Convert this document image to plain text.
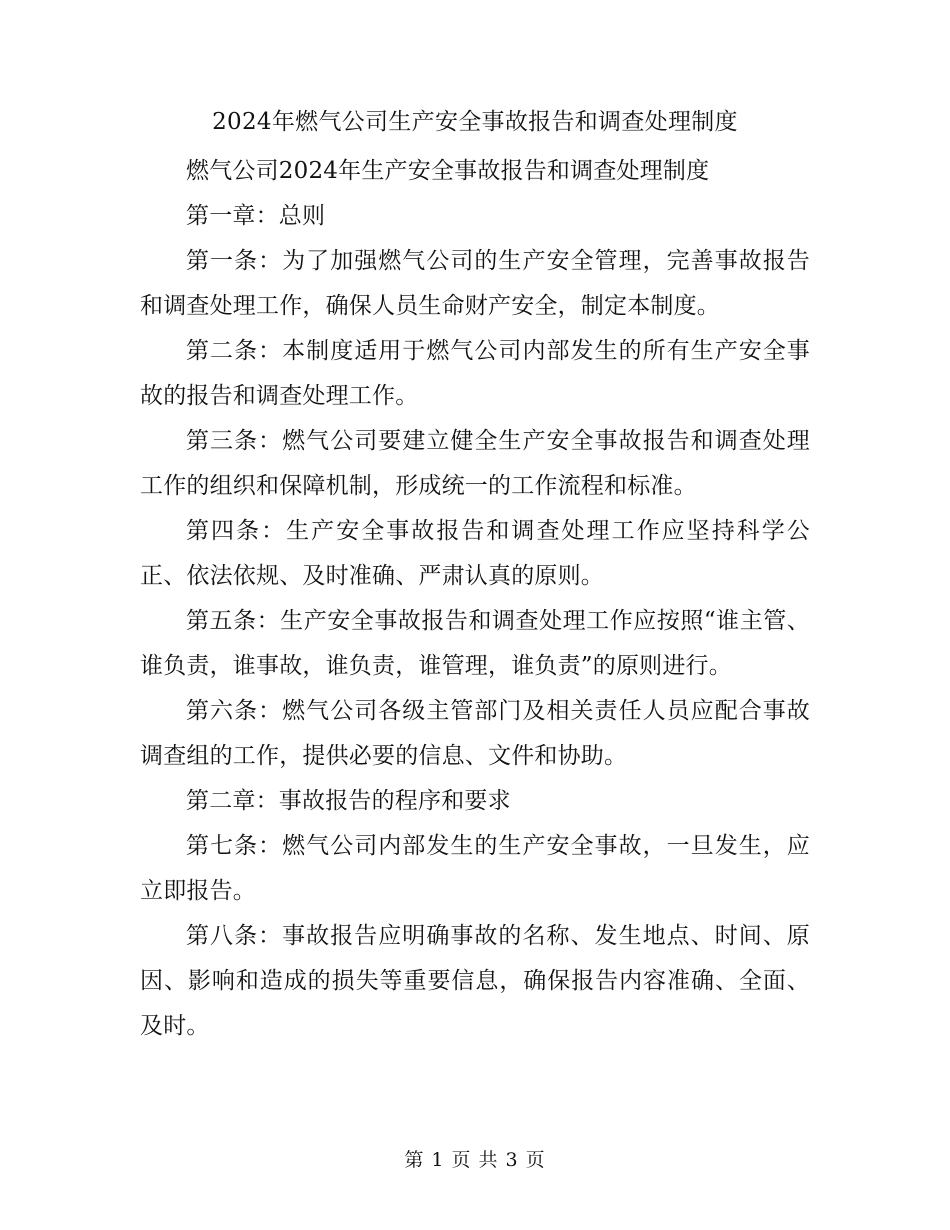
2024年燃气公司生产安全事故报告和调查处理制度

燃气公司2024年生产安全事故报告和调查处理制度

第一章：总则

第一条：为了加强燃气公司的生产安全管理，完善事故报告和调查处理工作，确保人员生命财产安全，制定本制度。

第二条：本制度适用于燃气公司内部发生的所有生产安全事故的报告和调查处理工作。

第三条：燃气公司要建立健全生产安全事故报告和调查处理工作的组织和保障机制，形成统一的工作流程和标准。

第四条：生产安全事故报告和调查处理工作应坚持科学公正、依法依规、及时准确、严肃认真的原则。

第五条：生产安全事故报告和调查处理工作应按照“谁主管、谁负责，谁事故，谁负责，谁管理，谁负责”的原则进行。

第六条：燃气公司各级主管部门及相关责任人员应配合事故调查组的工作，提供必要的信息、文件和协助。

第二章：事故报告的程序和要求

第七条：燃气公司内部发生的生产安全事故，一旦发生，应立即报告。

第八条：事故报告应明确事故的名称、发生地点、时间、原因、影响和造成的损失等重要信息，确保报告内容准确、全面、及时。

第 1 页 共 3 页
